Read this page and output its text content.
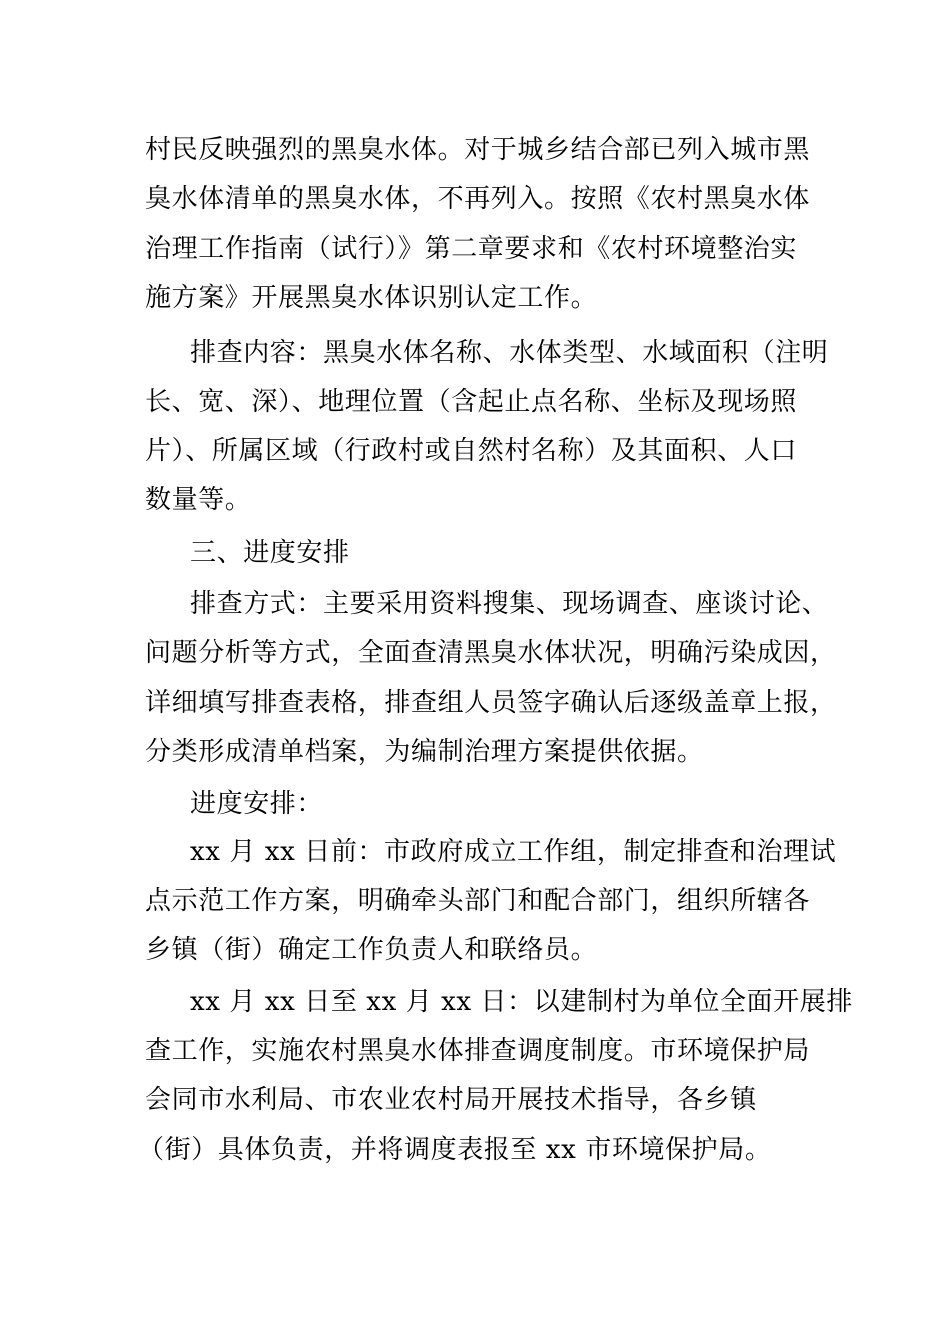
村民反映强烈的黑臭水体。对于城乡结合部已列入城市黑
臭水体清单的黑臭水体，不再列入。按照《农村黑臭水体
治理工作指南（试行）》第二章要求和《农村环境整治实
施方案》开展黑臭水体识别认定工作。
排查内容：黑臭水体名称、水体类型、水域面积（注明
长、宽、深）、地理位置（含起止点名称、坐标及现场照
片）、所属区域（行政村或自然村名称）及其面积、人口
数量等。
三、进度安排
排查方式：主要采用资料搜集、现场调查、座谈讨论、
问题分析等方式，全面查清黑臭水体状况，明确污染成因，
详细填写排查表格，排查组人员签字确认后逐级盖章上报，
分类形成清单档案，为编制治理方案提供依据。
进度安排：
xx 月 xx 日前：市政府成立工作组，制定排查和治理试
点示范工作方案，明确牵头部门和配合部门，组织所辖各
乡镇（街）确定工作负责人和联络员。
xx 月 xx 日至 xx 月 xx 日：以建制村为单位全面开展排
查工作，实施农村黑臭水体排查调度制度。市环境保护局
会同市水利局、市农业农村局开展技术指导，各乡镇
（街）具体负责，并将调度表报至 xx 市环境保护局。
